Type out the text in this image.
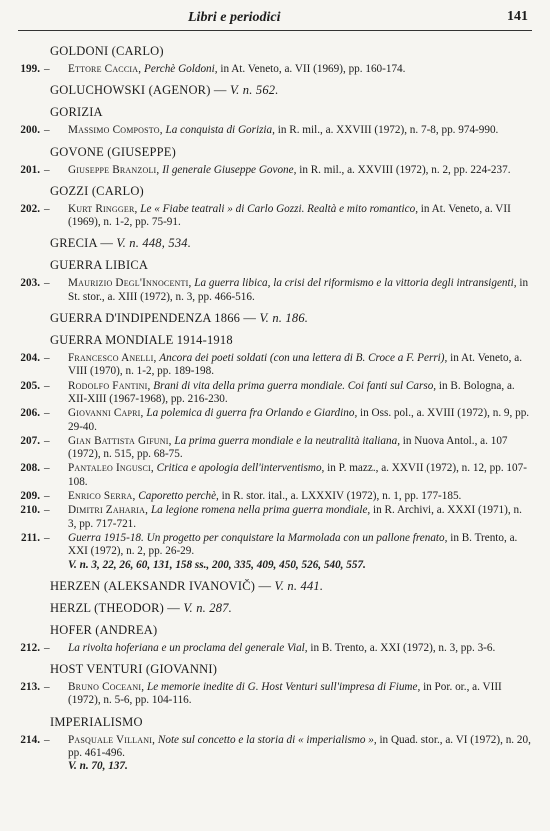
Libri e periodici	141
GOLDONI (CARLO)
199. – Ettore Caccia, Perchè Goldoni, in At. Veneto, a. VII (1969), pp. 160-174.
GOLUCHOWSKI (AGENOR) — V. n. 562.
GORIZIA
200. – Massimo Composto, La conquista di Gorizia, in R. mil., a. XXVIII (1972), n. 7-8, pp. 974-990.
GOVONE (GIUSEPPE)
201. – Giuseppe Branzoli, Il generale Giuseppe Govone, in R. mil., a. XXVIII (1972), n. 2, pp. 224-237.
GOZZI (CARLO)
202. – Kurt Ringger, Le « Fiabe teatrali » di Carlo Gozzi. Realtà e mito romantico, in At. Veneto, a. VII (1969), n. 1-2, pp. 75-91.
GRECIA — V. n. 448, 534.
GUERRA LIBICA
203. – Maurizio Degl'Innocenti, La guerra libica, la crisi del riformismo e la vittoria degli intransigenti, in St. stor., a. XIII (1972), n. 3, pp. 466-516.
GUERRA D'INDIPENDENZA 1866 — V. n. 186.
GUERRA MONDIALE 1914-1918
204. – Francesco Anelli, Ancora dei poeti soldati (con una lettera di B. Croce a F. Perri), in At. Veneto, a. VIII (1970), n. 1-2, pp. 189-198.
205. – Rodolfo Fantini, Brani di vita della prima guerra mondiale. Coi fanti sul Carso, in B. Bologna, a. XII-XIII (1967-1968), pp. 216-230.
206. – Giovanni Capri, La polemica di guerra fra Orlando e Giardino, in Oss. pol., a. XVIII (1972), n. 9, pp. 29-40.
207. – Gian Battista Gifuni, La prima guerra mondiale e la neutralità italiana, in Nuova Antol., a. 107 (1972), n. 515, pp. 68-75.
208. – Pantaleo Ingusci, Critica e apologia dell'interventismo, in P. mazz., a. XXVII (1972), n. 12, pp. 107-108.
209. – Enrico Serra, Caporetto perchè, in R. stor. ital., a. LXXXIV (1972), n. 1, pp. 177-185.
210. – Dimitri Zaharia, La legione romena nella prima guerra mondiale, in R. Archivi, a. XXXI (1971), n. 3, pp. 717-721.
211. – Guerra 1915-18. Un progetto per conquistare la Marmolada con un pallone frenato, in B. Trento, a. XXI (1972), n. 2, pp. 26-29.
V. n. 3, 22, 26, 60, 131, 158 ss., 200, 335, 409, 450, 526, 540, 557.
HERZEN (ALEKSANDR IVANOVIČ) — V. n. 441.
HERZL (THEODOR) — V. n. 287.
HOFER (ANDREA)
212. – La rivolta hoferiana e un proclama del generale Vial, in B. Trento, a. XXI (1972), n. 3, pp. 3-6.
HOST VENTURI (GIOVANNI)
213. – Bruno Coceani, Le memorie inedite di G. Host Venturi sull'impresa di Fiume, in Por. or., a. VIII (1972), n. 5-6, pp. 104-116.
IMPERIALISMO
214. – Pasquale Villani, Note sul concetto e la storia di « imperialismo », in Quad. stor., a. VI (1972), n. 20, pp. 461-496.
V. n. 70, 137.
